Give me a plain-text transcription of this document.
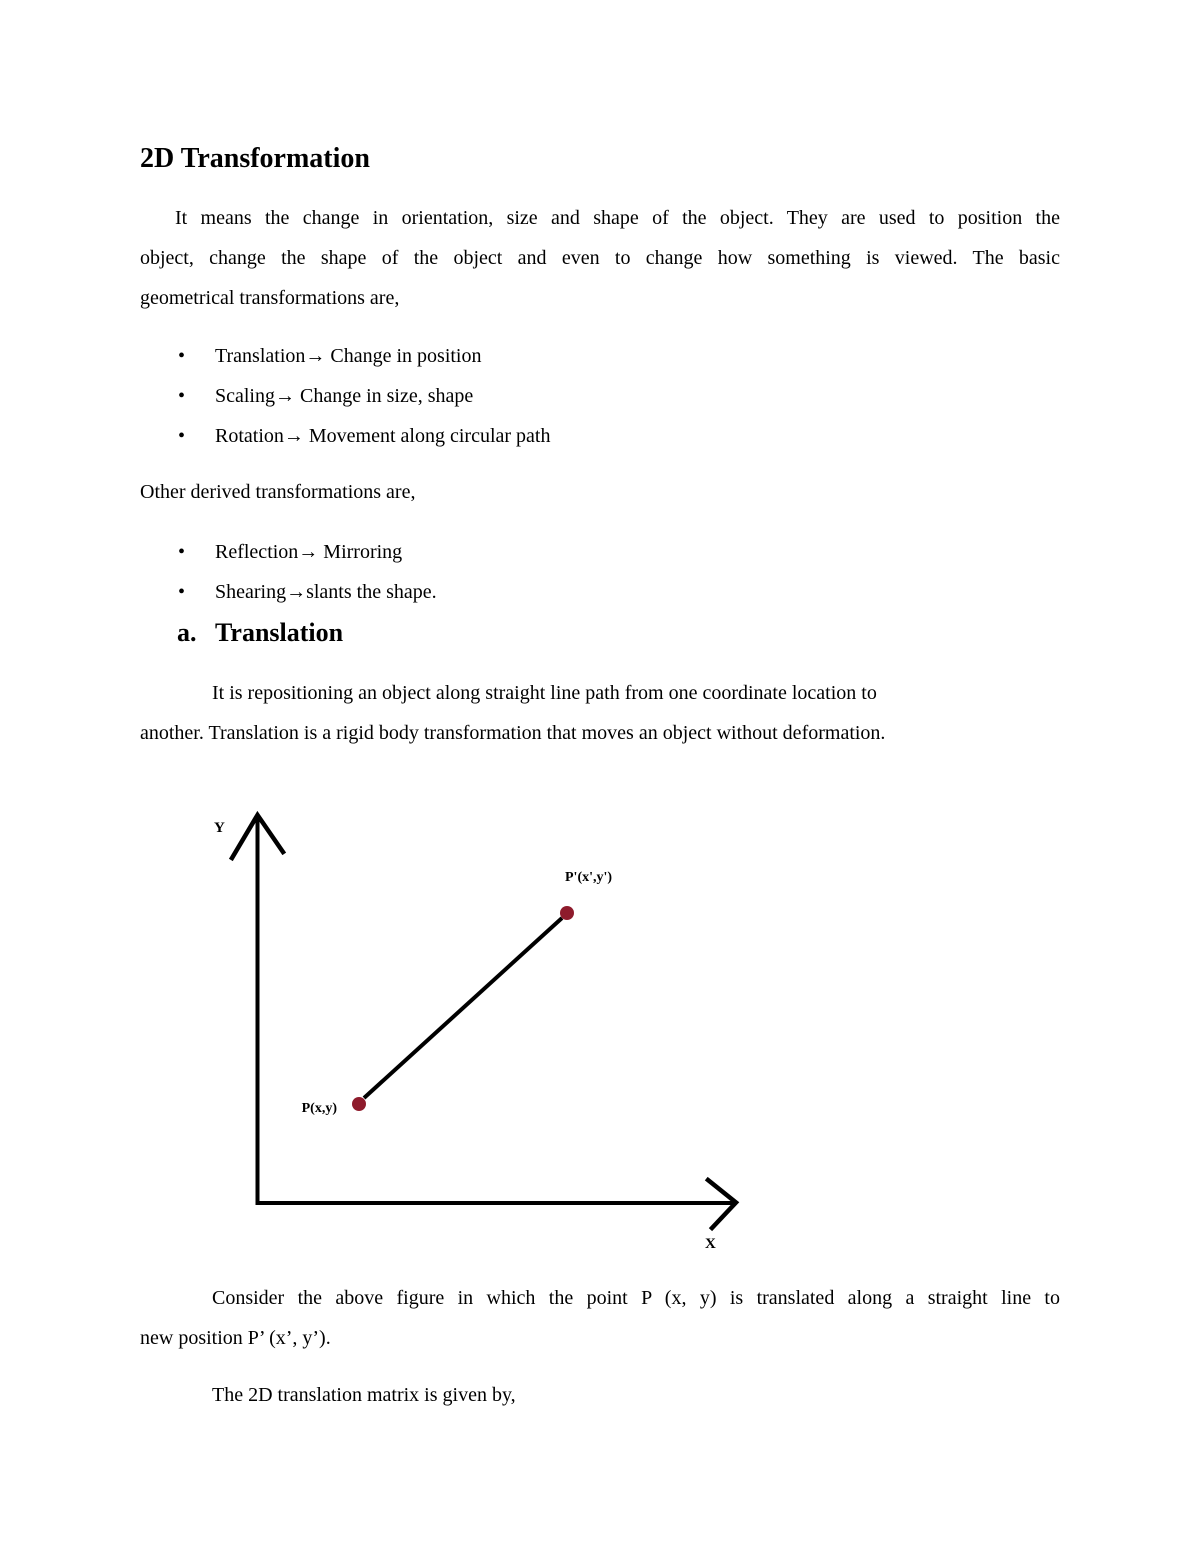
2D Transformation
It means the change in orientation, size and shape of the object. They are used to position the
object, change the shape of the object and even to change how something is viewed. The basic
geometrical transformations are,
• Translation→ Change in position
• Scaling→ Change in size, shape
• Rotation→ Movement along circular path
Other derived transformations are,
• Reflection→ Mirroring
• Shearing→slants the shape.
a. Translation
It is repositioning an object along straight line path from one coordinate location to
another. Translation is a rigid body transformation that moves an object without deformation.
Y
X
P(x,y)
P'(x',y')
Consider the above figure in which the point P (x, y) is translated along a straight line to
new position P’ (x’, y’).
The 2D translation matrix is given by,
